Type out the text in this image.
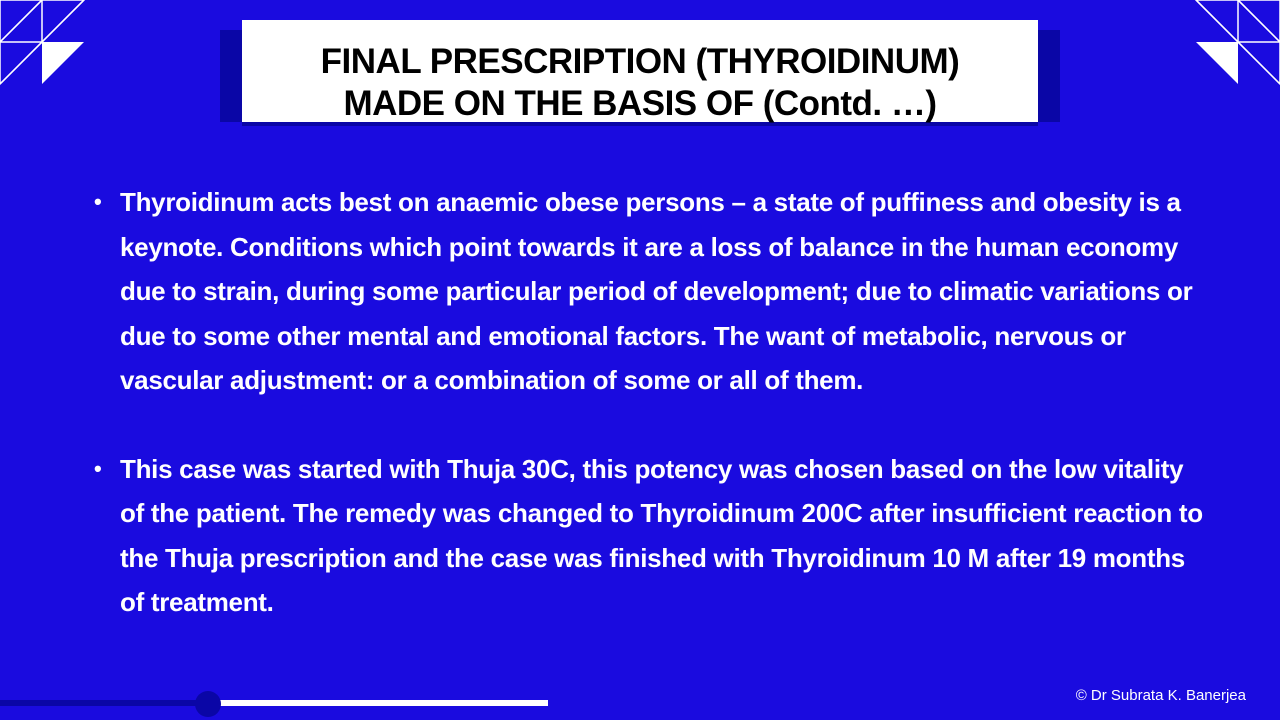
FINAL PRESCRIPTION (THYROIDINUM)
MADE ON THE BASIS OF (Contd. …)
• Thyroidinum acts best on anaemic obese persons – a state of puffiness and obesity is a keynote. Conditions which point towards it are a loss of balance in the human economy due to strain, during some particular period of development; due to climatic variations or due to some other mental and emotional factors. The want of metabolic, nervous or vascular adjustment: or a combination of some or all of them.
• This case was started with Thuja 30C, this potency was chosen based on the low vitality of the patient. The remedy was changed to Thyroidinum 200C after insufficient reaction to the Thuja prescription and the case was finished with Thyroidinum 10 M after 19 months of treatment.
© Dr Subrata K. Banerjea
